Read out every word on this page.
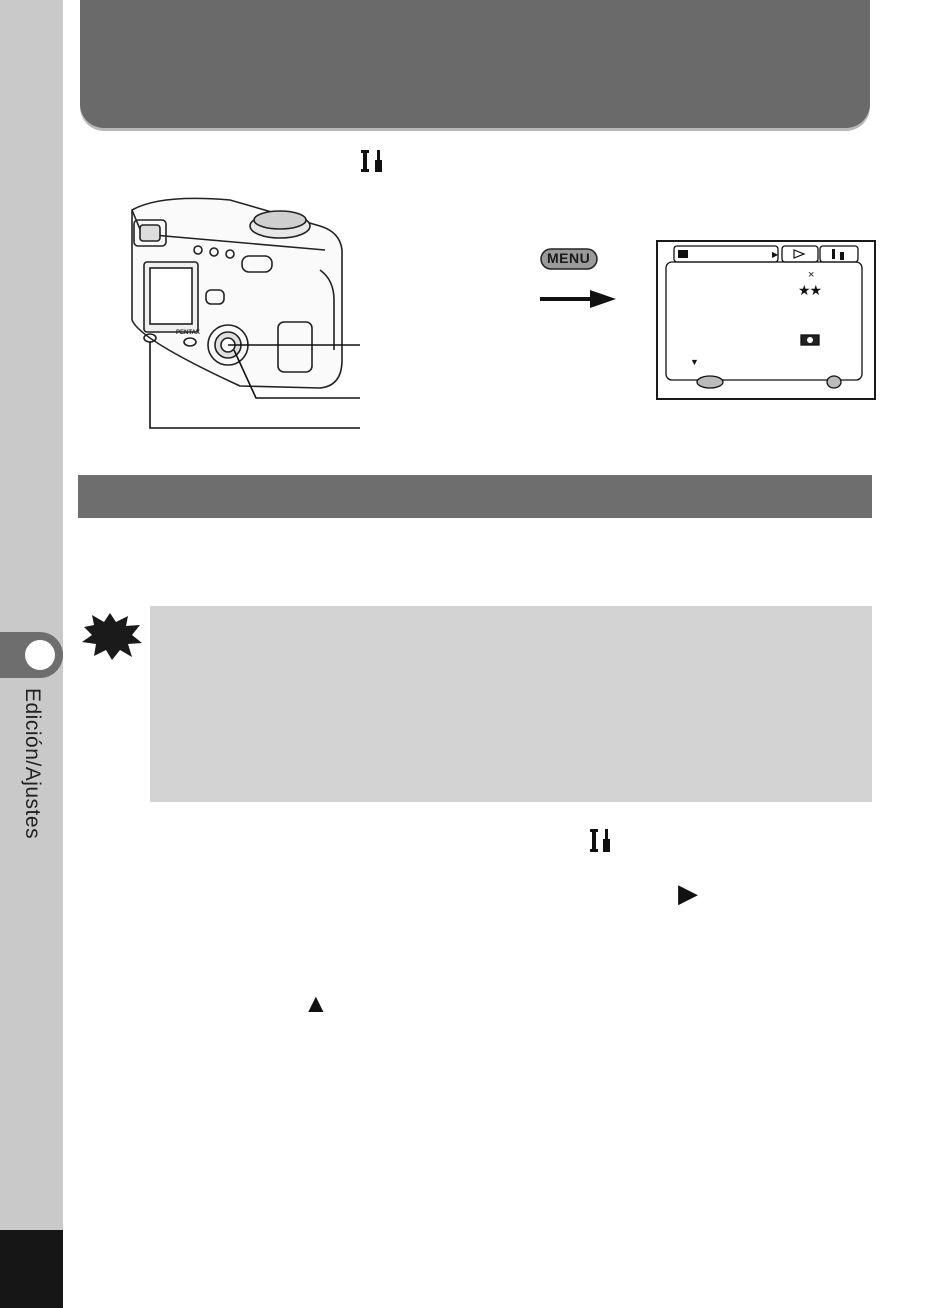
Edición/Ajustes
PENTAX
MENU	▶
×
★★
▼
▶
▲
